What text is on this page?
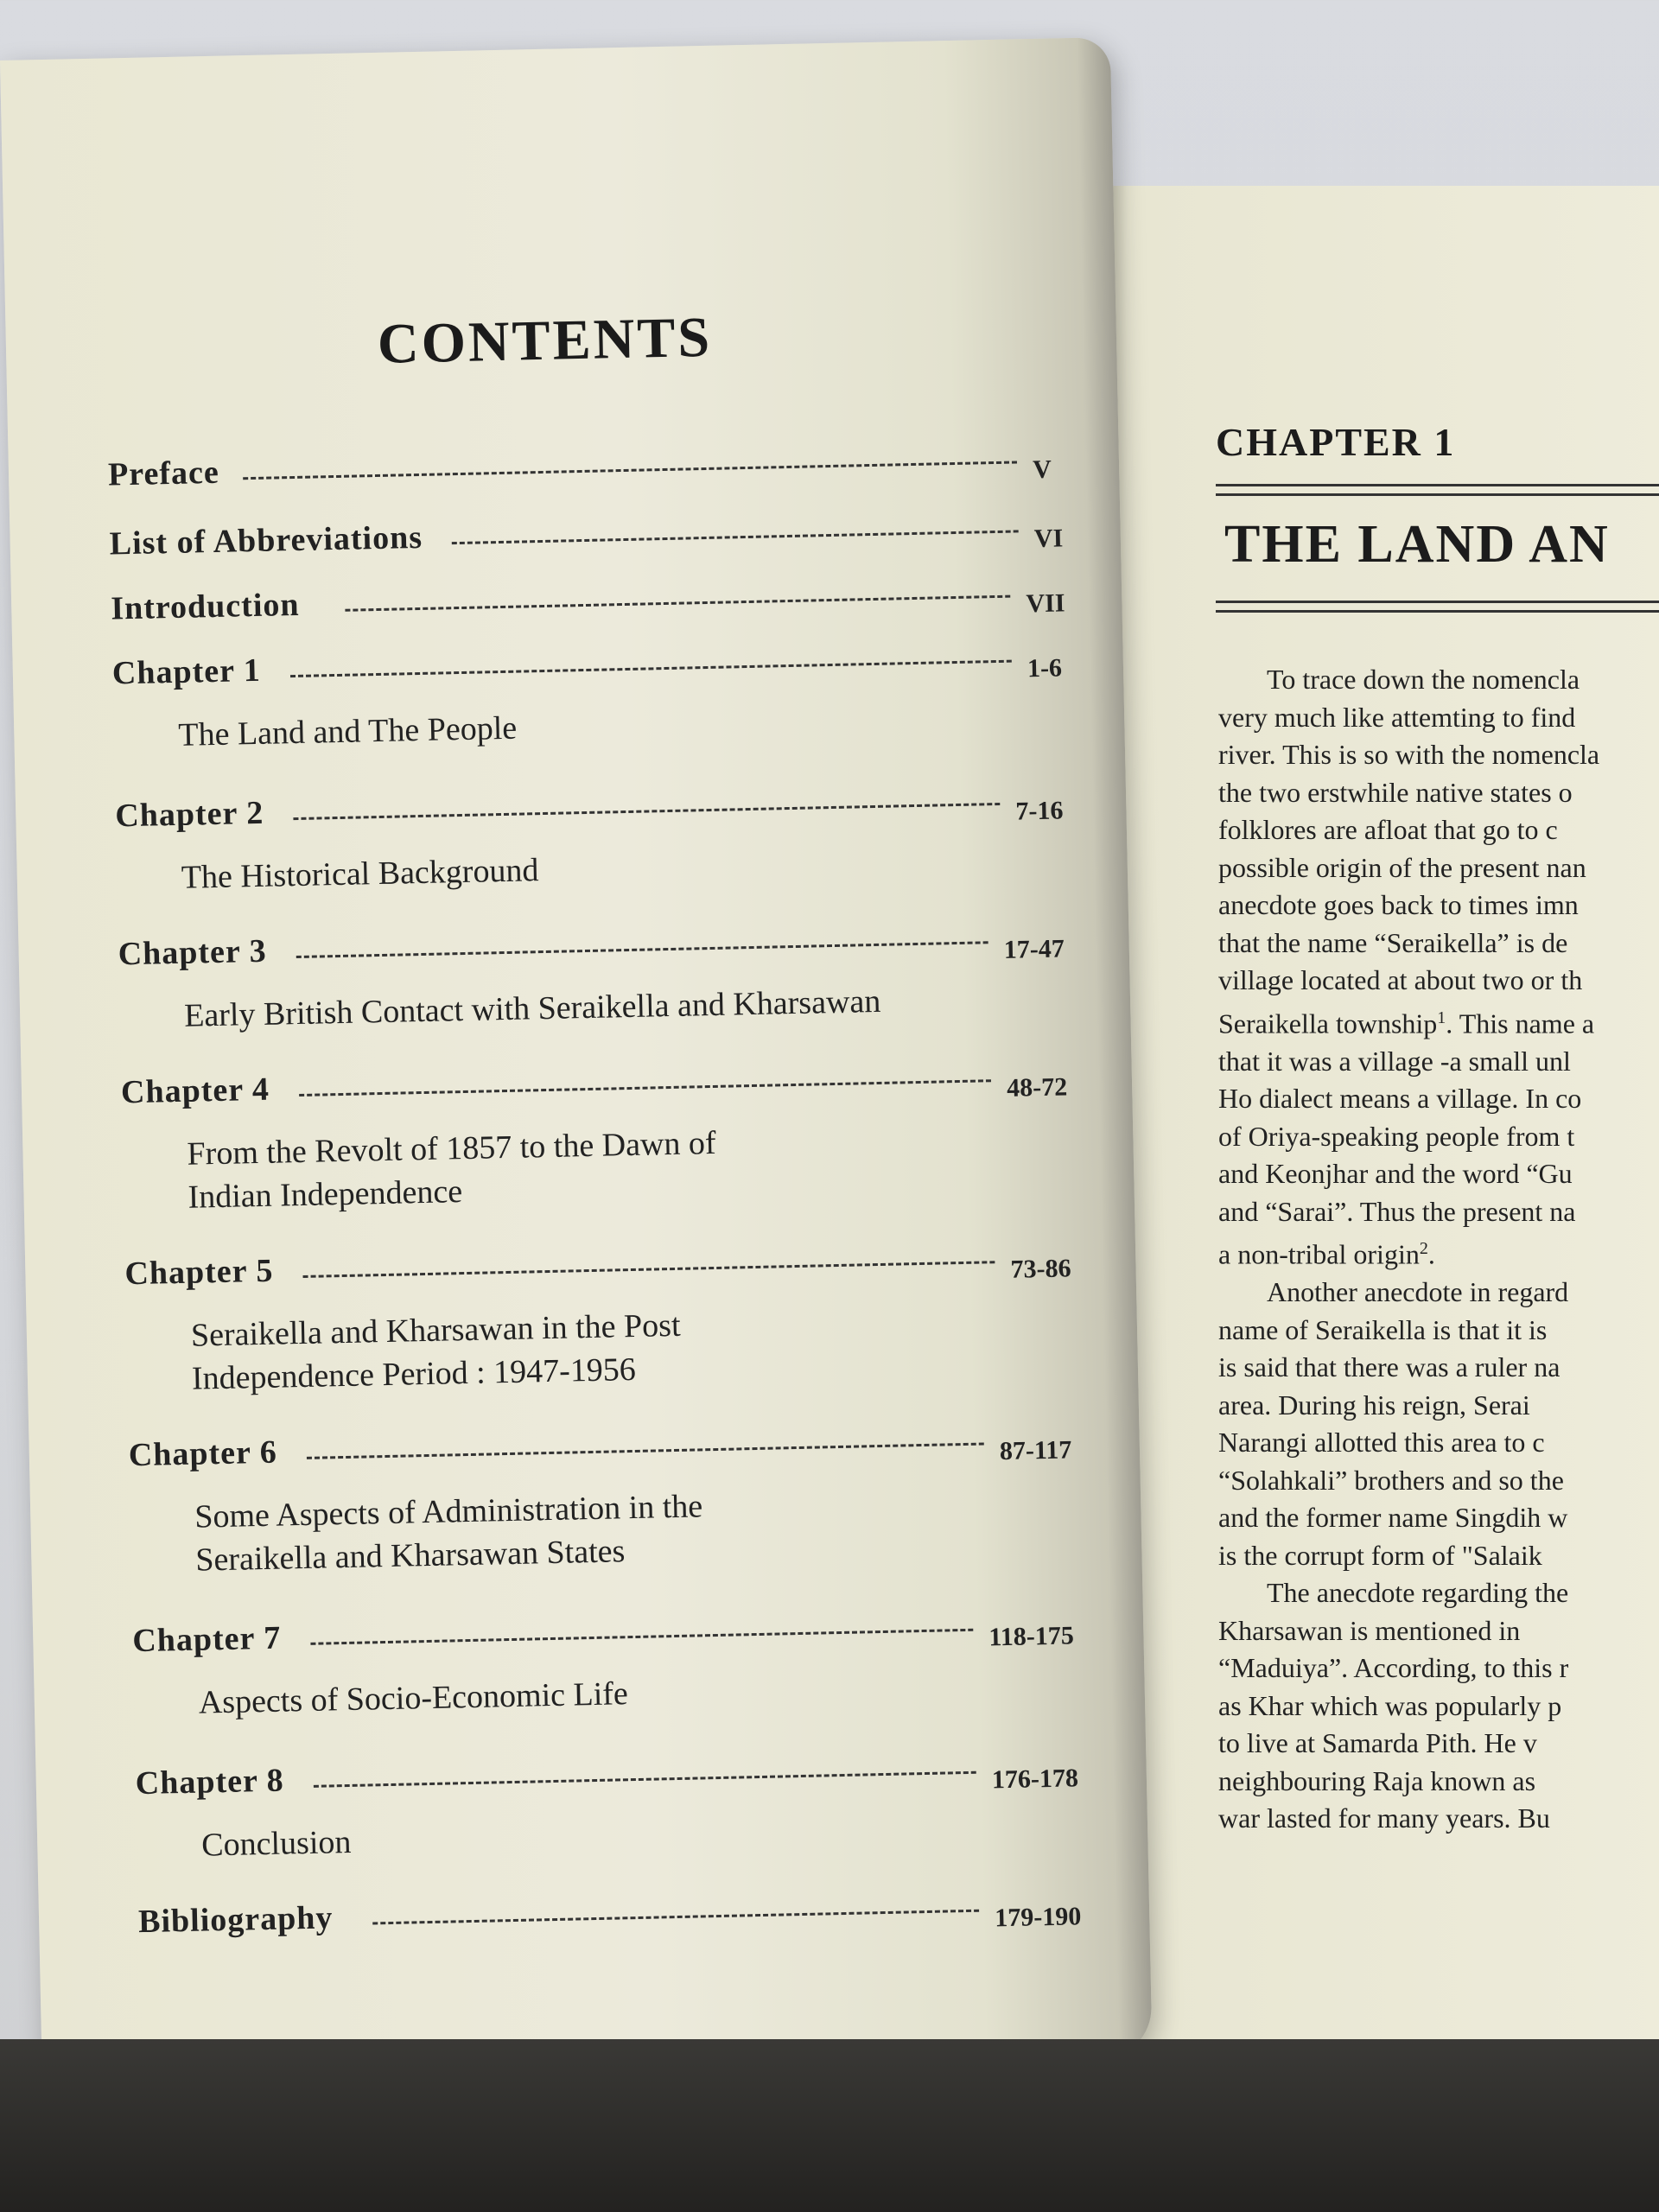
CHAPTER 1
THE LAND AN
To trace down the nomencla
very much like attemting to find
river. This is so with the nomencla
the two erstwhile native states o
folklores are afloat that go to c
possible origin of the present nan
anecdote goes back to times imn
that the name “Seraikella” is de
village located at about two or th
Seraikella township$^1$. This name a
that it was a village -a small unl
Ho dialect means a village. In co
of Oriya-speaking people from t
and Keonjhar and the word “Gu
and “Sarai”. Thus the present na
a non-tribal origin$^2$.
Another anecdote in regard
name of Seraikella is that it is
is said that there was a ruler na
area. During his reign, Serai
Narangi allotted this area to c
“Solahkali” brothers and so the
and the former name Singdih w
is the corrupt form of "Salaik
The anecdote regarding the
Kharsawan is mentioned in
“Maduiya”. According, to this r
as Khar which was popularly p
to live at Samarda Pith. He v
neighbouring Raja known as
war lasted for many years. Bu
CONTENTS
Preface	V
List of Abbreviations	VI
Introduction	VII
Chapter 1	1-6
The Land and The People
Chapter 2	7-16
The Historical Background
Chapter 3	17-47
Early British Contact with Seraikella and Kharsawan
Chapter 4	48-72
From the Revolt of 1857 to the Dawn of
Indian Independence
Chapter 5	73-86
Seraikella and Kharsawan in the Post
Independence Period : 1947-1956
Chapter 6	87-117
Some Aspects of Administration in the
Seraikella and Kharsawan States
Chapter 7	118-175
Aspects of Socio-Economic Life
Chapter 8	176-178
Conclusion
Bibliography	179-190
